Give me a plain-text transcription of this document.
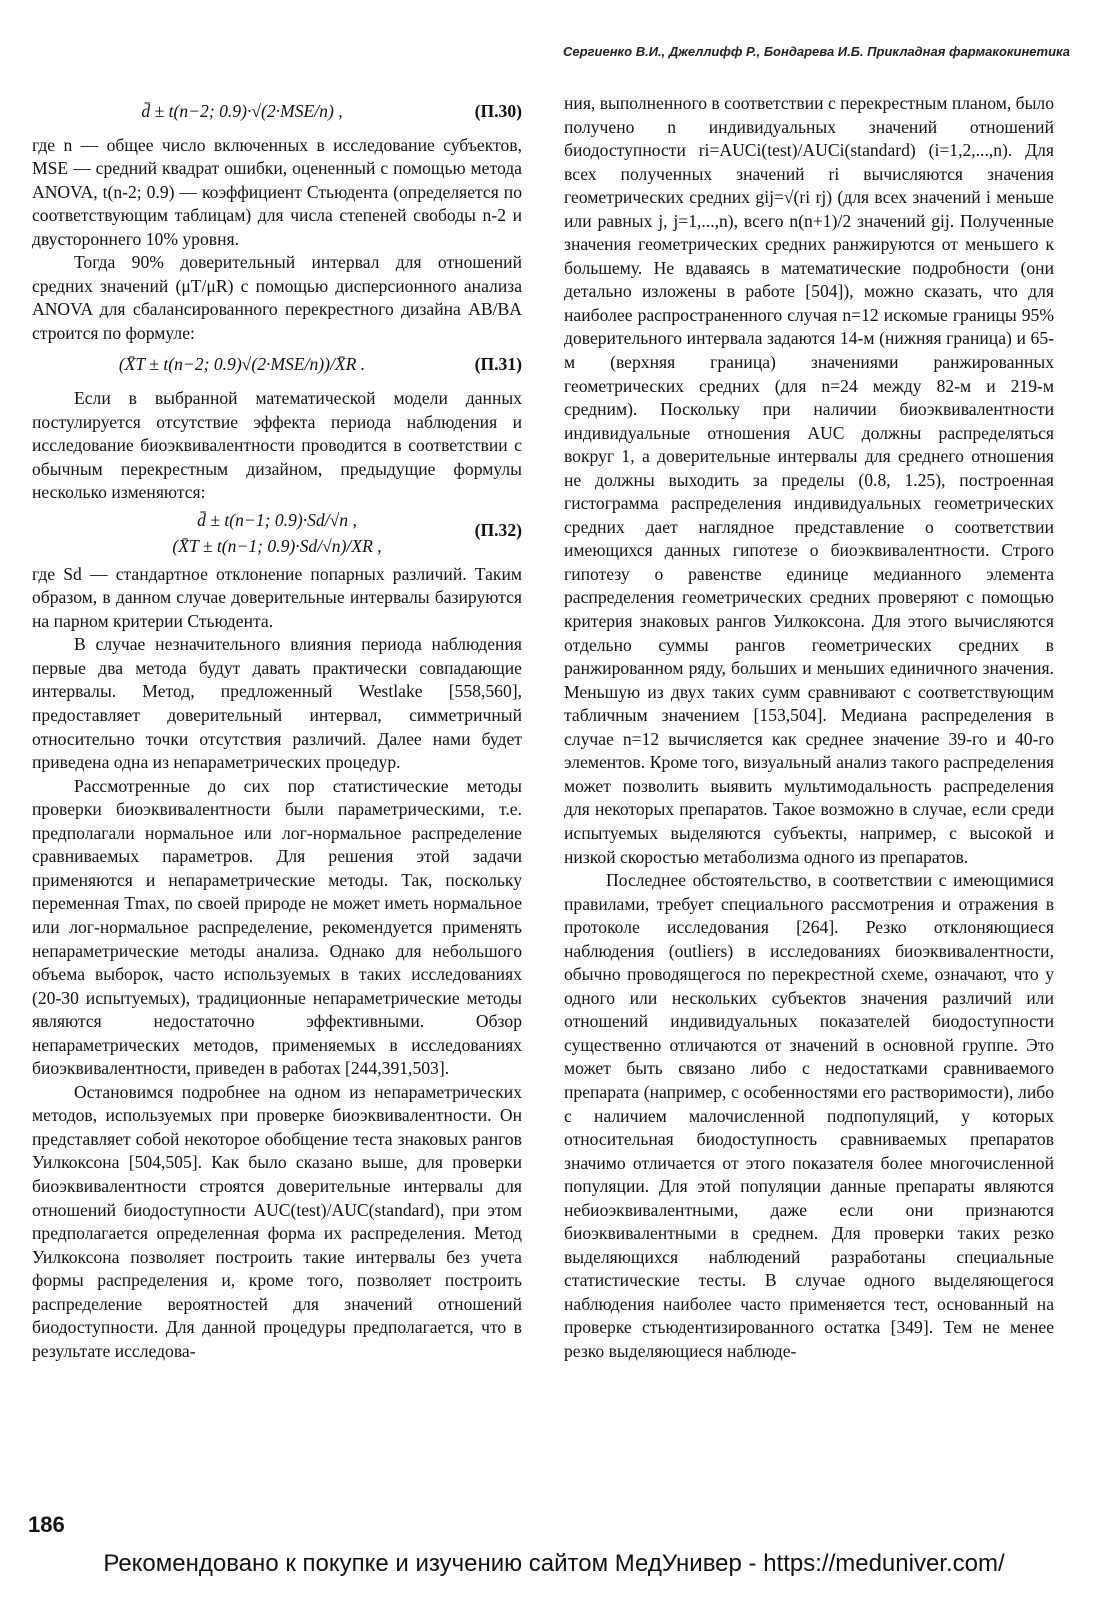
Сергиенко В.И., Джеллифф Р., Бондарева И.Б. Прикладная фармакокинетика
d̄ ± t(n−2; 0.9)·√(2·MSE/n) ,	(П.30)

где n — общее число включенных в исследование субъектов, MSE — средний квадрат ошибки, оцененный с помощью метода ANOVA, t(n-2; 0.9) — коэффициент Стьюдента (определяется по соответствующим таблицам) для числа степеней свободы n-2 и двустороннего 10% уровня.

Тогда 90% доверительный интервал для отношений средних значений (μT/μR) с помощью дисперсионного анализа ANOVA для сбалансированного перекрестного дизайна AB/BA строится по формуле:

(X̄T ± t(n−2; 0.9)√(2·MSE/n))/X̄R .	(П.31)

Если в выбранной математической модели данных постулируется отсутствие эффекта периода наблюдения и исследование биоэквивалентности проводится в соответствии с обычным перекрестным дизайном, предыдущие формулы несколько изменяются:

d̄ ± t(n−1; 0.9)·Sd/√n ,
(X̄T ± t(n−1; 0.9)·Sd/√n)/XR ,
(П.32)

где Sd — стандартное отклонение попарных различий. Таким образом, в данном случае доверительные интервалы базируются на парном критерии Стьюдента.

В случае незначительного влияния периода наблюдения первые два метода будут давать практически совпадающие интервалы. Метод, предложенный Westlake [558,560], предоставляет доверительный интервал, симметричный относительно точки отсутствия различий. Далее нами будет приведена одна из непараметрических процедур.

Рассмотренные до сих пор статистические методы проверки биоэквивалентности были параметрическими, т.е. предполагали нормальное или лог-нормальное распределение сравниваемых параметров. Для решения этой задачи применяются и непараметрические методы. Так, поскольку переменная Tmax, по своей природе не может иметь нормальное или лог-нормальное распределение, рекомендуется применять непараметрические методы анализа. Однако для небольшого объема выборок, часто используемых в таких исследованиях (20-30 испытуемых), традиционные непараметрические методы являются недостаточно эффективными. Обзор непараметрических методов, применяемых в исследованиях биоэквивалентности, приведен в работах [244,391,503].

Остановимся подробнее на одном из непараметрических методов, используемых при проверке биоэквивалентности. Он представляет собой некоторое обобщение теста знаковых рангов Уилкоксона [504,505]. Как было сказано выше, для проверки биоэквивалентности строятся доверительные интервалы для отношений биодоступности AUC(test)/AUC(standard), при этом предполагается определенная форма их распределения. Метод Уилкоксона позволяет построить такие интервалы без учета формы распределения и, кроме того, позволяет построить распределение вероятностей для значений отношений биодоступности. Для данной процедуры предполагается, что в результате исследова-

ния, выполненного в соответствии с перекрестным планом, было получено n индивидуальных значений отношений биодоступности ri=AUCi(test)/AUCi(standard) (i=1,2,...,n). Для всех полученных значений ri вычисляются значения геометрических средних gij=√(ri rj) (для всех значений i меньше или равных j, j=1,...,n), всего n(n+1)/2 значений gij. Полученные значения геометрических средних ранжируются от меньшего к большему. Не вдаваясь в математические подробности (они детально изложены в работе [504]), можно сказать, что для наиболее распространенного случая n=12 искомые границы 95% доверительного интервала задаются 14-м (нижняя граница) и 65-м (верхняя граница) значениями ранжированных геометрических средних (для n=24 между 82-м и 219-м средним). Поскольку при наличии биоэквивалентности индивидуальные отношения AUC должны распределяться вокруг 1, а доверительные интервалы для среднего отношения не должны выходить за пределы (0.8, 1.25), построенная гистограмма распределения индивидуальных геометрических средних дает наглядное представление о соответствии имеющихся данных гипотезе о биоэквивалентности. Строго гипотезу о равенстве единице медианного элемента распределения геометрических средних проверяют с помощью критерия знаковых рангов Уилкоксона. Для этого вычисляются отдельно суммы рангов геометрических средних в ранжированном ряду, больших и меньших единичного значения. Меньшую из двух таких сумм сравнивают с соответствующим табличным значением [153,504]. Медиана распределения в случае n=12 вычисляется как среднее значение 39-го и 40-го элементов. Кроме того, визуальный анализ такого распределения может позволить выявить мультимодальность распределения для некоторых препаратов. Такое возможно в случае, если среди испытуемых выделяются субъекты, например, с высокой и низкой скоростью метаболизма одного из препаратов.

Последнее обстоятельство, в соответствии с имеющимися правилами, требует специального рассмотрения и отражения в протоколе исследования [264]. Резко отклоняющиеся наблюдения (outliers) в исследованиях биоэквивалентности, обычно проводящегося по перекрестной схеме, означают, что у одного или нескольких субъектов значения различий или отношений индивидуальных показателей биодоступности существенно отличаются от значений в основной группе. Это может быть связано либо с недостатками сравниваемого препарата (например, с особенностями его растворимости), либо с наличием малочисленной подпопуляций, у которых относительная биодоступность сравниваемых препаратов значимо отличается от этого показателя более многочисленной популяции. Для этой популяции данные препараты являются небиоэквивалентными, даже если они признаются биоэквивалентными в среднем. Для проверки таких резко выделяющихся наблюдений разработаны специальные статистические тесты. В случае одного выделяющегося наблюдения наиболее часто применяется тест, основанный на проверке стьюдентизированного остатка [349]. Тем не менее резко выделяющиеся наблюде-

186
Рекомендовано к покупке и изучению сайтом МедУнивер - https://meduniver.com/
